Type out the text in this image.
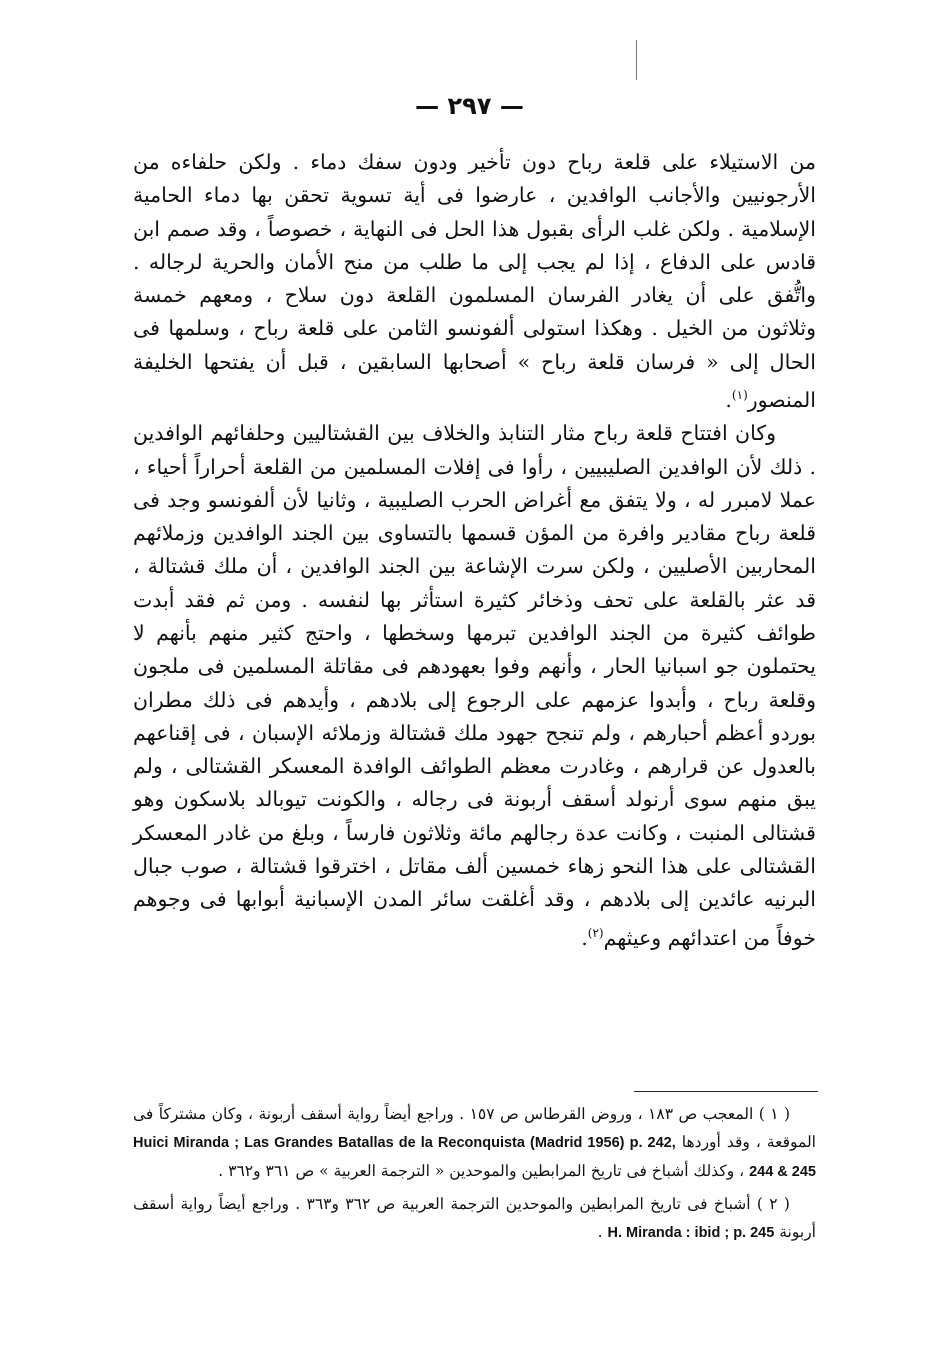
— ٢٩٧ —

من الاستيلاء على قلعة رباح دون تأخير ودون سفك دماء . ولكن حلفاءه من الأرجونيين والأجانب الوافدين ، عارضوا فى أية تسوية تحقن بها دماء الحامية الإسلامية . ولكن غلب الرأى بقبول هذا الحل فى النهاية ، خصوصاً ، وقد صمم ابن قادس على الدفاع ، إذا لم يجب إلى ما طلب من منح الأمان والحرية لرجاله . واتُّفق على أن يغادر الفرسان المسلمون القلعة دون سلاح ، ومعهم خمسة وثلاثون من الخيل . وهكذا استولى ألفونسو الثامن على قلعة رباح ، وسلمها فى الحال إلى « فرسان قلعة رباح » أصحابها السابقين ، قبل أن يفتحها الخليفة المنصور$^{(١)}$.

وكان افتتاح قلعة رباح مثار التنابذ والخلاف بين القشتاليين وحلفائهم الوافدين . ذلك لأن الوافدين الصليبيين ، رأوا فى إفلات المسلمين من القلعة أحراراً أحياء ، عملا لامبرر له ، ولا يتفق مع أغراض الحرب الصليبية ، وثانيا لأن ألفونسو وجد فى قلعة رباح مقادير وافرة من المؤن قسمها بالتساوى بين الجند الوافدين وزملائهم المحاربين الأصليين ، ولكن سرت الإشاعة بين الجند الوافدين ، أن ملك قشتالة ، قد عثر بالقلعة على تحف وذخائر كثيرة استأثر بها لنفسه . ومن ثم فقد أبدت طوائف كثيرة من الجند الوافدين تبرمها وسخطها ، واحتج كثير منهم بأنهم لا يحتملون جو اسبانيا الحار ، وأنهم وفوا بعهودهم فى مقاتلة المسلمين فى ملجون وقلعة رباح ، وأبدوا عزمهم على الرجوع إلى بلادهم ، وأيدهم فى ذلك مطران بوردو أعظم أحبارهم ، ولم تنجح جهود ملك قشتالة وزملائه الإسبان ، فى إقناعهم بالعدول عن قرارهم ، وغادرت معظم الطوائف الوافدة المعسكر القشتالى ، ولم يبق منهم سوى أرنولد أسقف أربونة فى رجاله ، والكونت تيوبالد بلاسكون وهو قشتالى المنبت ، وكانت عدة رجالهم مائة وثلاثون فارساً ، وبلغ من غادر المعسكر القشتالى على هذا النحو زهاء خمسين ألف مقاتل ، اخترقوا قشتالة ، صوب جبال البرنيه عائدين إلى بلادهم ، وقد أغلقت سائر المدن الإسبانية أبوابها فى وجوهم خوفاً من اعتدائهم وعيثهم$^{(٢)}$.

( ١ ) المعجب ص ١٨٣ ، وروض القرطاس ص ١٥٧ . وراجع أيضاً رواية أسقف أربونة ، وكان مشتركاً فى الموقعة ، وقد أوردها Huici Miranda ; Las Grandes Batallas de la Reconquista (Madrid 1956) p. 242, 244 & 245 ، وكذلك أشباخ فى تاريخ المرابطين والموحدين « الترجمة العربية » ص ٣٦١ و٣٦٢ .

( ٢ ) أشباخ فى تاريخ المرابطين والموحدين الترجمة العربية ص ٣٦٢ و٣٦٣ . وراجع أيضاً رواية أسقف أربونة H. Miranda : ibid ; p. 245 .
